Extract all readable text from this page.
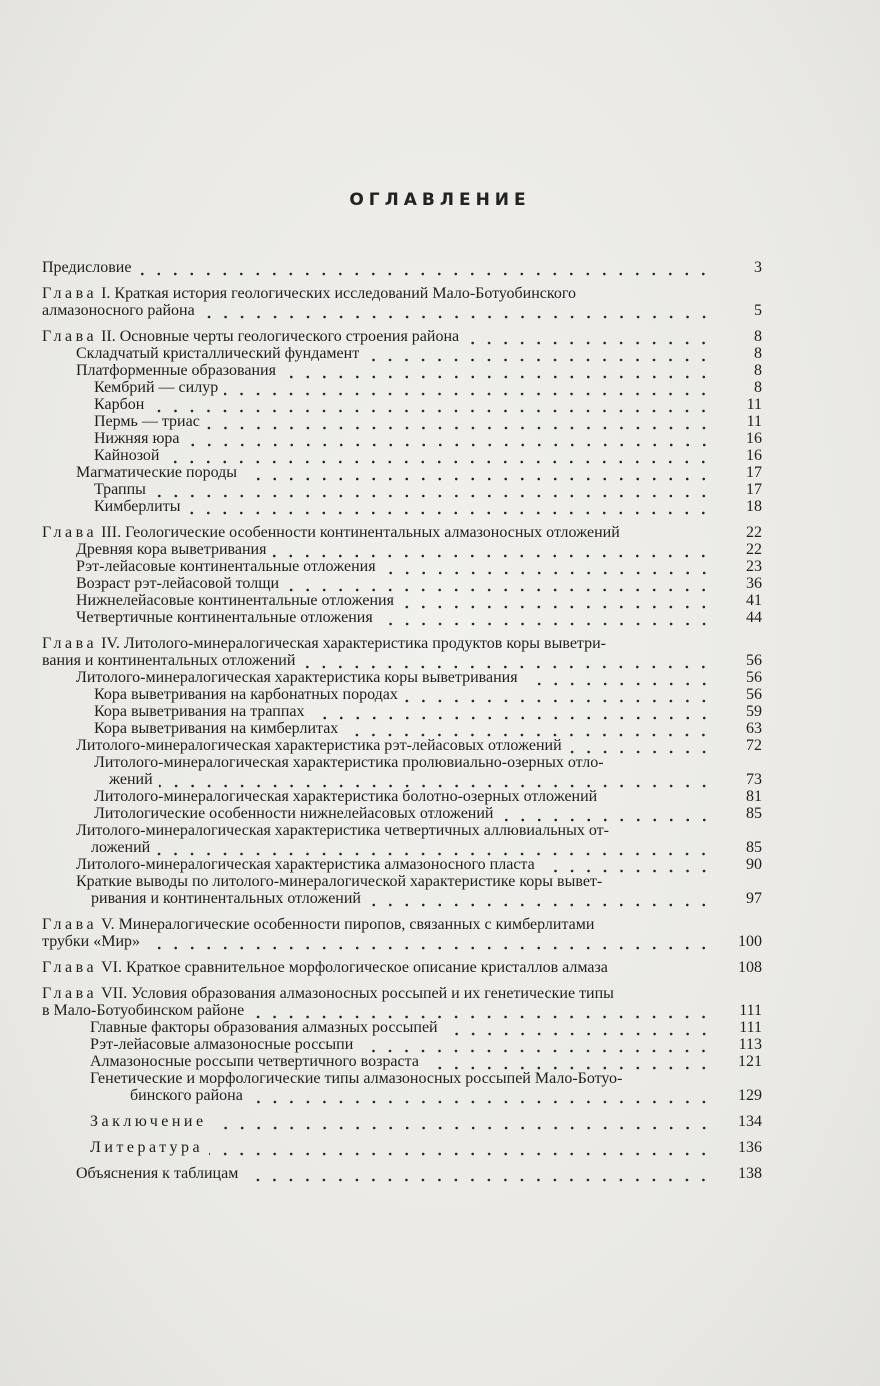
ОГЛАВЛЕНИЕ
Предисловие	3
Глава I. Краткая история геологических исследований Мало-Ботуобинского
алмазоносного района	5
Глава II. Основные черты геологического строения района	8
Складчатый кристаллический фундамент	8
Платформенные образования	8
Кембрий — силур	8
Карбон	11
Пермь — триас	11
Нижняя юра	16
Кайнозой	16
Магматические породы	17
Траппы	17
Кимберлиты	18
Глава III. Геологические особенности континентальных алмазоносных отложений	22
Древняя кора выветривания	22
Рэт-лейасовые континентальные отложения	23
Возраст рэт-лейасовой толщи	36
Нижнелейасовые континентальные отложения	41
Четвертичные континентальные отложения	44
Глава IV. Литолого-минералогическая характеристика продуктов коры выветри-
вания и континентальных отложений	56
Литолого-минералогическая характеристика коры выветривания	56
Кора выветривания на карбонатных породах	56
Кора выветривания на траппах	59
Кора выветривания на кимберлитах	63
Литолого-минералогическая характеристика рэт-лейасовых отложений	72
Литолого-минералогическая характеристика пролювиально-озерных отло-
жений	73
Литолого-минералогическая характеристика болотно-озерных отложений	81
Литологические особенности нижнелейасовых отложений	85
Литолого-минералогическая характеристика четвертичных аллювиальных от-
ложений	85
Литолого-минералогическая характеристика алмазоносного пласта	90
Краткие выводы по литолого-минералогической характеристике коры вывет-
ривания и континентальных отложений	97
Глава V. Минералогические особенности пиропов, связанных с кимберлитами
трубки «Мир»	100
Глава VI. Краткое сравнительное морфологическое описание кристаллов алмаза	108
Глава VII. Условия образования алмазоносных россыпей и их генетические типы
в Мало-Ботуобинском районе	111
Главные факторы образования алмазных россыпей	111
Рэт-лейасовые алмазоносные россыпи	113
Алмазоносные россыпи четвертичного возраста	121
Генетические и морфологические типы алмазоносных россыпей Мало-Ботуо-
бинского района	129
Заключение	134
Литература	136
Объяснения к таблицам	138
